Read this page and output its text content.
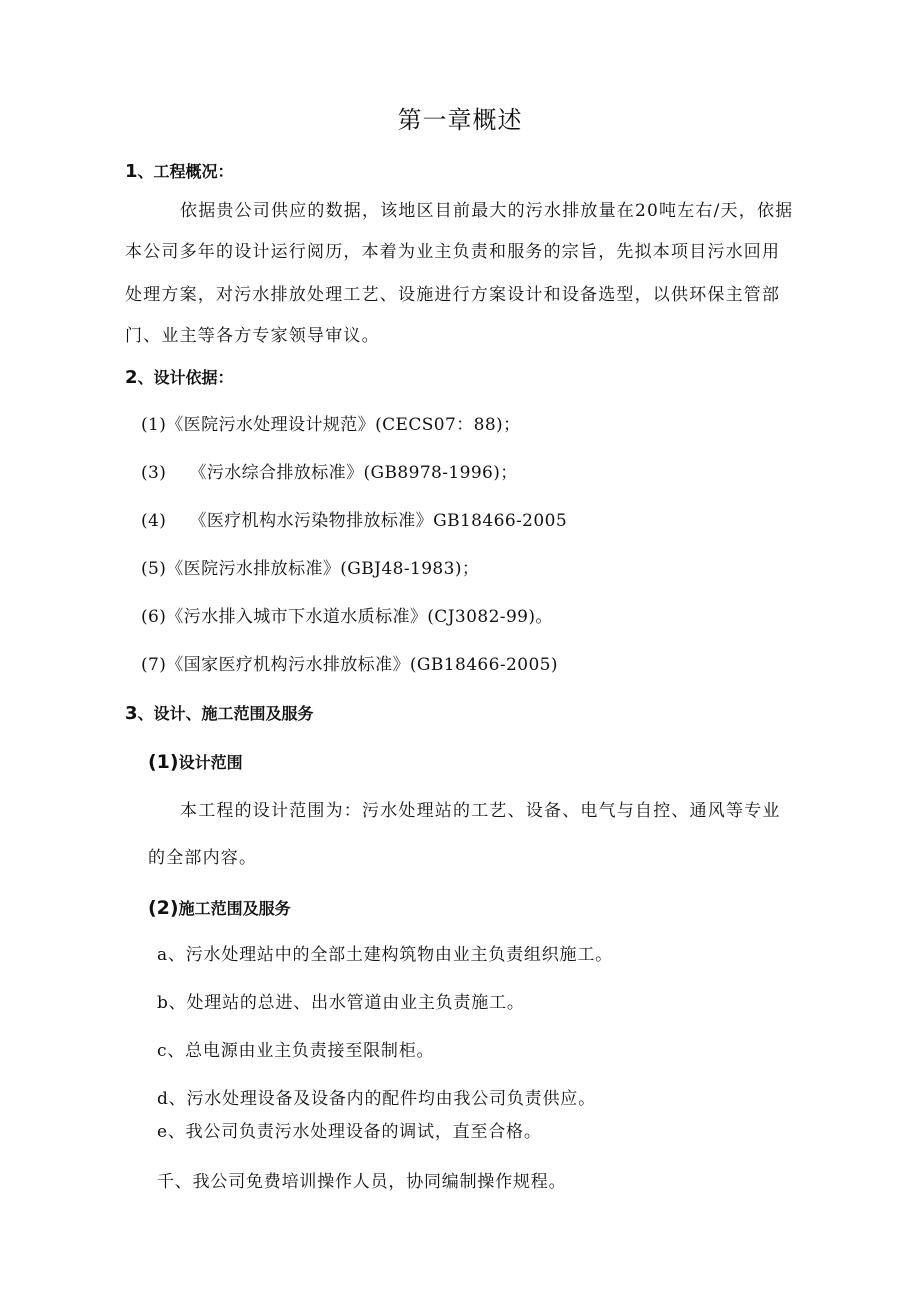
第一章概述
1、工程概况：
依据贵公司供应的数据，该地区目前最大的污水排放量在20吨左右/天，依据
本公司多年的设计运行阅历，本着为业主负责和服务的宗旨，先拟本项目污水回用
处理方案，对污水排放处理工艺、设施进行方案设计和设备选型，以供环保主管部
门、业主等各方专家领导审议。
2、设计依据：
(1)《医院污水处理设计规范》(CECS07：88)；
(3)　 《污水综合排放标准》(GB8978-1996)；
(4)　 《医疗机构水污染物排放标准》GB18466-2005
(5)《医院污水排放标准》(GBJ48-1983)；
(6)《污水排入城市下水道水质标准》(CJ3082-99)。
(7)《国家医疗机构污水排放标准》(GB18466-2005)
3、设计、施工范围及服务
(1)设计范围
本工程的设计范围为：污水处理站的工艺、设备、电气与自控、通风等专业
的全部内容。
(2)施工范围及服务
a、污水处理站中的全部土建构筑物由业主负责组织施工。
b、处理站的总进、出水管道由业主负责施工。
c、总电源由业主负责接至限制柜。
d、污水处理设备及设备内的配件均由我公司负责供应。
e、我公司负责污水处理设备的调试，直至合格。
千、我公司免费培训操作人员，协同编制操作规程。
